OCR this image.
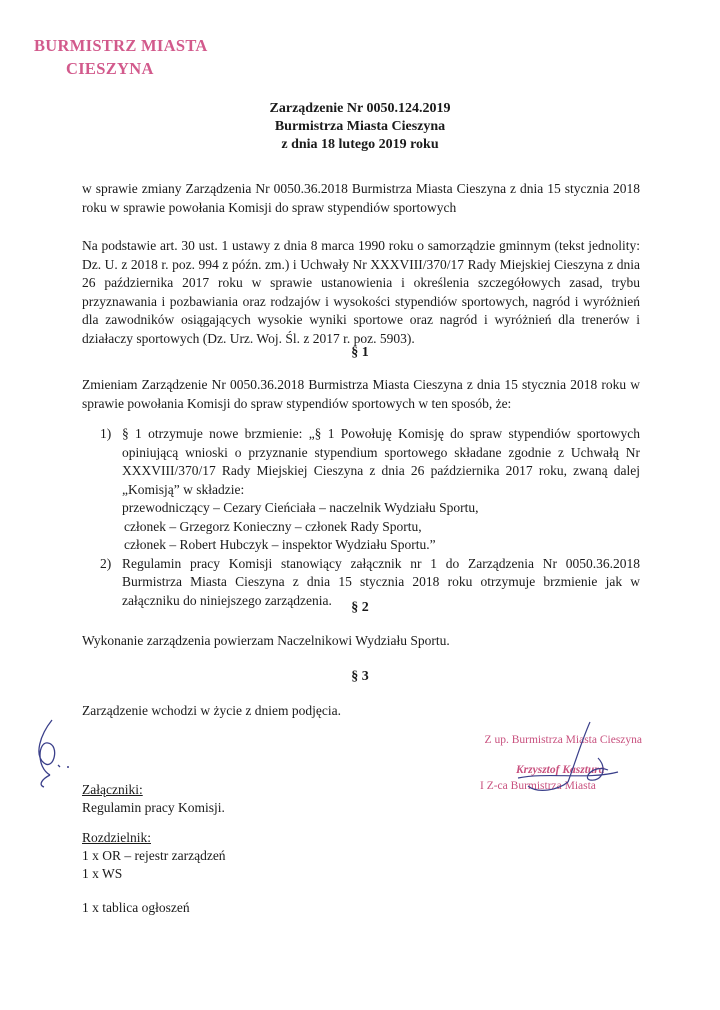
BURMISTRZ MIASTA
CIESZYNA
Zarządzenie Nr 0050.124.2019
Burmistrza Miasta Cieszyna
z dnia 18 lutego 2019 roku
w sprawie zmiany Zarządzenia Nr 0050.36.2018 Burmistrza Miasta Cieszyna z dnia 15 stycznia 2018 roku w sprawie powołania Komisji do spraw stypendiów sportowych
Na podstawie art. 30 ust. 1 ustawy z dnia 8 marca 1990 roku o samorządzie gminnym (tekst jednolity: Dz. U. z 2018 r. poz. 994 z późn. zm.) i Uchwały Nr XXXVIII/370/17 Rady Miejskiej Cieszyna z dnia 26 października 2017 roku w sprawie ustanowienia i określenia szczegółowych zasad, trybu przyznawania i pozbawiania oraz rodzajów i wysokości stypendiów sportowych, nagród i wyróżnień dla zawodników osiągających wysokie wyniki sportowe oraz nagród i wyróżnień dla trenerów i działaczy sportowych (Dz. Urz. Woj. Śl. z 2017 r. poz. 5903).
§ 1
Zmieniam Zarządzenie Nr 0050.36.2018 Burmistrza Miasta Cieszyna z dnia 15 stycznia 2018 roku w sprawie powołania Komisji do spraw stypendiów sportowych w ten sposób, że:
1) § 1 otrzymuje nowe brzmienie: „§ 1 Powołuję Komisję do spraw stypendiów sportowych opiniującą wnioski o przyznanie stypendium sportowego składane zgodnie z Uchwałą Nr XXXVIII/370/17 Rady Miejskiej Cieszyna z dnia 26 października 2017 roku, zwaną dalej „Komisją” w składzie:
przewodniczący – Cezary Cieńciała – naczelnik Wydziału Sportu,
członek – Grzegorz Konieczny – członek Rady Sportu,
członek – Robert Hubczyk – inspektor Wydziału Sportu.”
2) Regulamin pracy Komisji stanowiący załącznik nr 1 do Zarządzenia Nr 0050.36.2018 Burmistrza Miasta Cieszyna z dnia 15 stycznia 2018 roku otrzymuje brzmienie jak w załączniku do niniejszego zarządzenia.	§ 2
Wykonanie zarządzenia powierzam Naczelnikowi Wydziału Sportu.
§ 3
Zarządzenie wchodzi w życie z dniem podjęcia.
Z up. Burmistrza Miasta Cieszyna
Krzysztof Kasztura
I Z-ca Burmistrza Miasta
Załączniki:
Regulamin pracy Komisji.
Rozdzielnik:
1 x OR – rejestr zarządzeń
1 x WS
1 x tablica ogłoszeń
